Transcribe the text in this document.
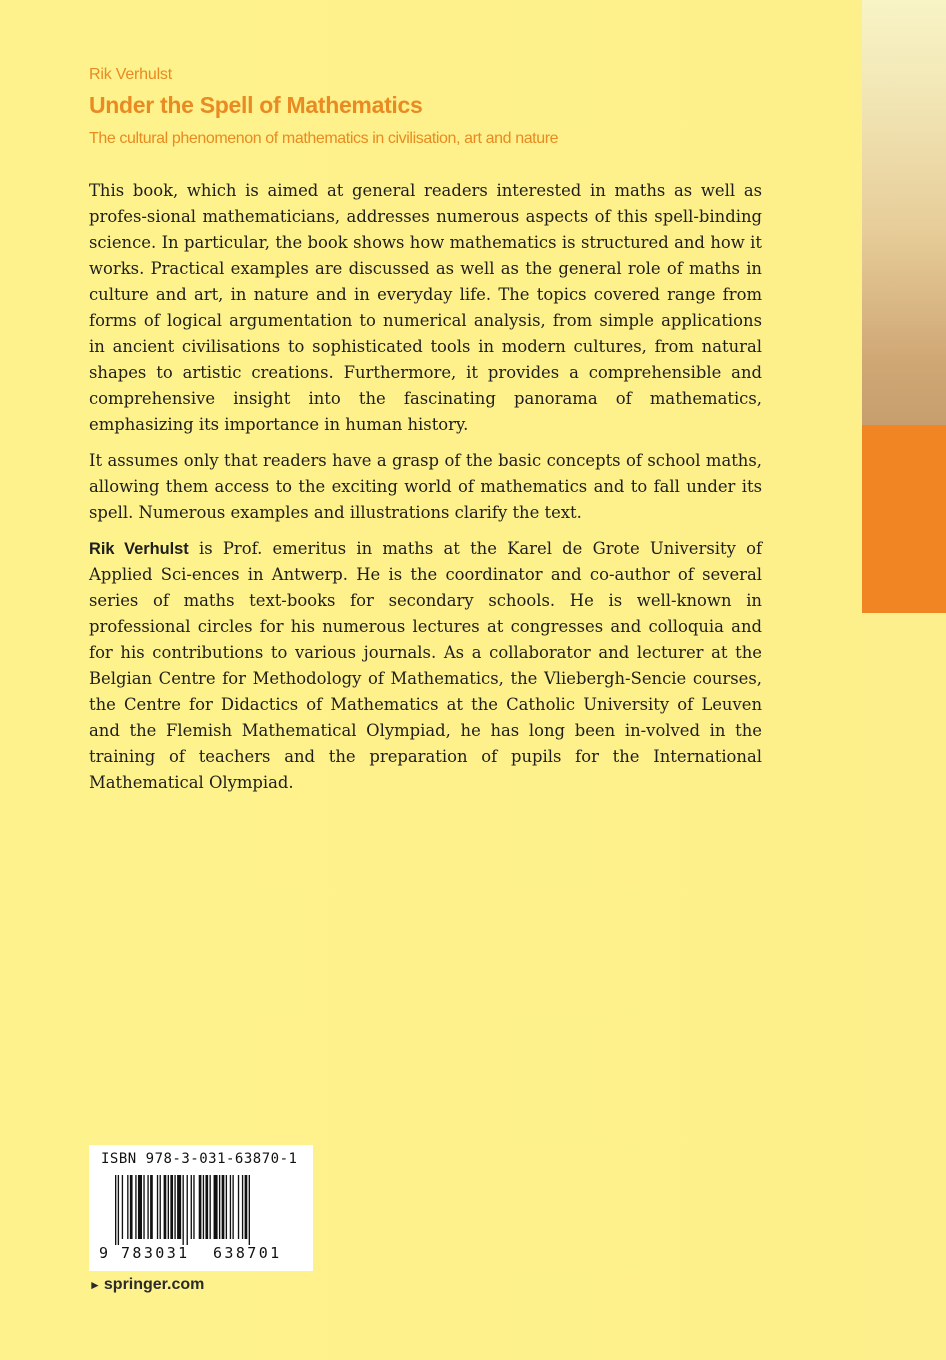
Rik Verhulst
Under the Spell of Mathematics
The cultural phenomenon of mathematics in civilisation, art and nature

This book, which is aimed at general readers interested in maths as well as profes-sional mathematicians, addresses numerous aspects of this spell-binding science. In particular, the book shows how mathematics is structured and how it works. Practical examples are discussed as well as the general role of maths in culture and art, in nature and in everyday life. The topics covered range from forms of logical argumentation to numerical analysis, from simple applications in ancient civilisations to sophisticated tools in modern cultures, from natural shapes to artistic creations. Furthermore, it provides a comprehensible and comprehensive insight into the fascinating panorama of mathematics, emphasizing its importance in human history.

It assumes only that readers have a grasp of the basic concepts of school maths, allowing them access to the exciting world of mathematics and to fall under its spell. Numerous examples and illustrations clarify the text.

Rik Verhulst is Prof. emeritus in maths at the Karel de Grote University of Applied Sci-ences in Antwerp. He is the coordinator and co-author of several series of maths text-books for secondary schools. He is well-known in professional circles for his numerous lectures at congresses and colloquia and for his contributions to various journals. As a collaborator and lecturer at the Belgian Centre for Methodology of Mathematics, the Vliebergh-Sencie courses, the Centre for Didactics of Mathematics at the Catholic University of Leuven and the Flemish Mathematical Olympiad, he has long been in-volved in the training of teachers and the preparation of pupils for the International Mathematical Olympiad.

ISBN 978-3-031-63870-1
9 783031	638701
► springer.com
